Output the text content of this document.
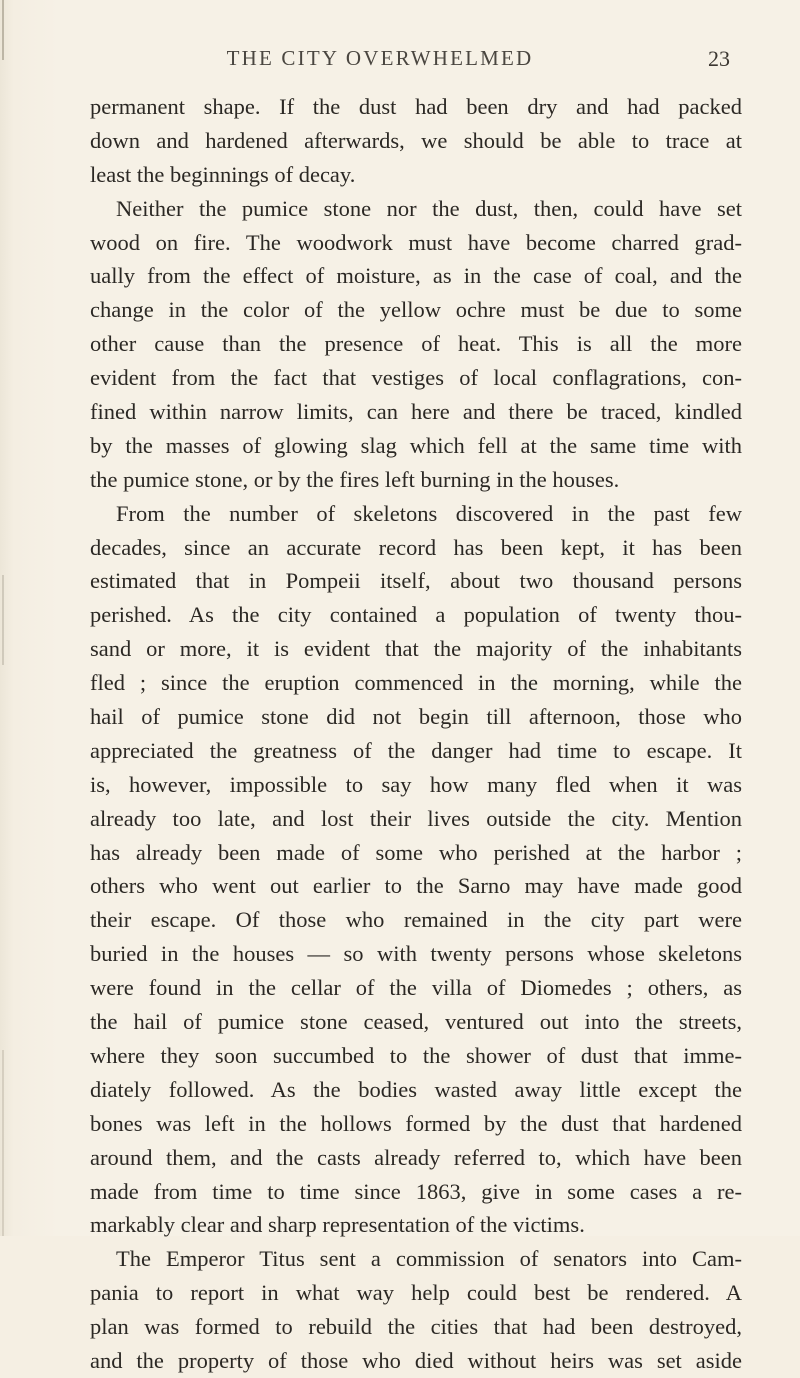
THE CITY OVERWHELMED	23
permanent shape. If the dust had been dry and had packed
down and hardened afterwards, we should be able to trace at
least the beginnings of decay.
Neither the pumice stone nor the dust, then, could have set
wood on fire. The woodwork must have become charred grad-
ually from the effect of moisture, as in the case of coal, and the
change in the color of the yellow ochre must be due to some
other cause than the presence of heat. This is all the more
evident from the fact that vestiges of local conflagrations, con-
fined within narrow limits, can here and there be traced, kindled
by the masses of glowing slag which fell at the same time with
the pumice stone, or by the fires left burning in the houses.
From the number of skeletons discovered in the past few
decades, since an accurate record has been kept, it has been
estimated that in Pompeii itself, about two thousand persons
perished. As the city contained a population of twenty thou-
sand or more, it is evident that the majority of the inhabitants
fled ; since the eruption commenced in the morning, while the
hail of pumice stone did not begin till afternoon, those who
appreciated the greatness of the danger had time to escape. It
is, however, impossible to say how many fled when it was
already too late, and lost their lives outside the city. Mention
has already been made of some who perished at the harbor ;
others who went out earlier to the Sarno may have made good
their escape. Of those who remained in the city part were
buried in the houses — so with twenty persons whose skeletons
were found in the cellar of the villa of Diomedes ; others, as
the hail of pumice stone ceased, ventured out into the streets,
where they soon succumbed to the shower of dust that imme-
diately followed. As the bodies wasted away little except the
bones was left in the hollows formed by the dust that hardened
around them, and the casts already referred to, which have been
made from time to time since 1863, give in some cases a re-
markably clear and sharp representation of the victims.
The Emperor Titus sent a commission of senators into Cam-
pania to report in what way help could best be rendered. A
plan was formed to rebuild the cities that had been destroyed,
and the property of those who died without heirs was set aside
